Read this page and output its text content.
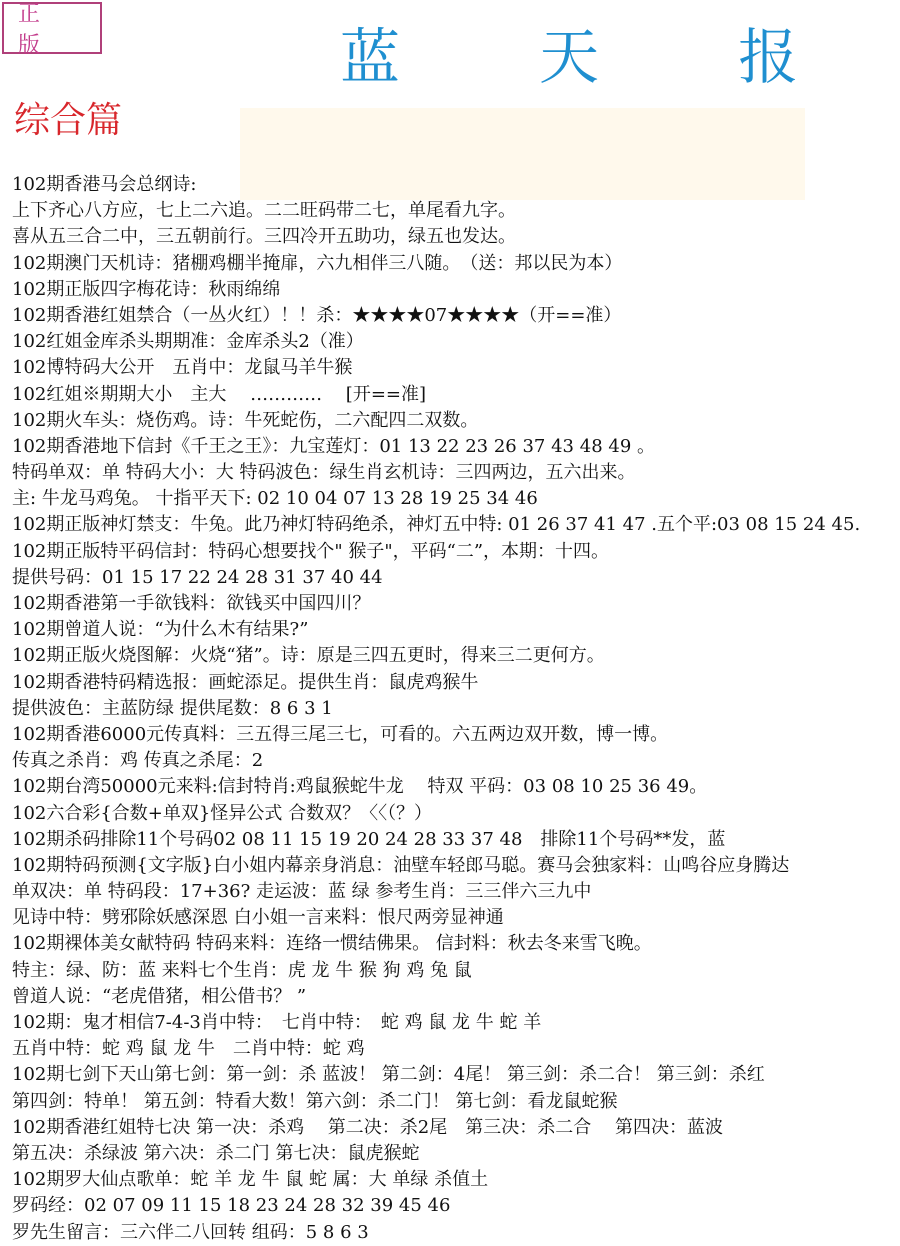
正 版	蓝 天 报
综合篇
102期香港马会总纲诗:
上下齐心八方应，七上二六追。二二旺码带二七，单尾看九字。
喜从五三合二中，三五朝前行。三四冷开五助功，绿五也发达。
102期澳门天机诗：猪棚鸡棚半掩扉，六九相伴三八随。　（送：邦以民为本）
102期正版四字梅花诗：秋雨绵绵
102期香港红姐禁合（一丛火红）！！杀：★★★★07★★★★（开==准）
102红姐金库杀头期期准：金库杀头2（准）
102博特码大公开　五肖中：龙鼠马羊牛猴
102红姐※期期大小　主大　 ………… 　[开==准]
102期火车头：烧伤鸡。诗：牛死蛇伤，二六配四二双数。
102期香港地下信封《千王之王》：九宝莲灯：01 13 22 23 26 37 43 48 49 。
特码单双：单 特码大小：大 特码波色：绿生肖玄机诗：三四两边，五六出来。
主: 牛龙马鸡兔。 十指平天下: 02 10 04 07 13 28 19 25 34 46
102期正版神灯禁支：牛兔。此乃神灯特码绝杀，神灯五中特: 01 26 37 41 47 .五个平:03 08 15 24 45.
102期正版特平码信封：特码心想要找个" 猴子"，平码“二”，本期：十四。
提供号码：01 15 17 22 24 28 31 37 40 44
102期香港第一手欲钱料：欲钱买中国四川？
102期曾道人说：“为什么木有结果?”
102期正版火烧图解：火烧“猪”。诗：原是三四五更时，得来三二更何方。
102期香港特码精选报：画蛇添足。提供生肖：鼠虎鸡猴牛
提供波色：主蓝防绿 提供尾数：8 6 3 1
102期香港6000元传真料：三五得三尾三七，可看的。六五两边双开数，博一博。
传真之杀肖：鸡 传真之杀尾：2
102期台湾50000元来料:信封特肖:鸡鼠猴蛇牛龙　 特双 平码：03 08 10 25 36 49。
102六合彩{合数+单双}怪异公式 合数双？〈〈（？）
102期杀码排除11个号码02 08 11 15 19 20 24 28 33 37 48　排除11个号码**发，蓝
102期特码预测{文字版}白小姐内幕亲身消息：油壁车轻郎马聪。赛马会独家料：山鸣谷应身腾达
单双决：单 特码段：17+36? 走运波：蓝 绿 参考生肖：三三伴六三九中
见诗中特：劈邪除妖感深恩 白小姐一言来料：恨尺两旁显神通
102期裸体美女献特码 特码来料：连络一惯结佛果。 信封料：秋去冬来雪飞晚。
特主：绿、防：蓝 来料七个生肖：虎 龙 牛 猴 狗 鸡 兔 鼠
曾道人说：“老虎借猪，相公借书？ ”
102期：鬼才相信7-4-3肖中特：　七肖中特：　蛇 鸡 鼠 龙 牛 蛇 羊
五肖中特：蛇 鸡 鼠 龙 牛　二肖中特：蛇 鸡
102期七剑下天山第七剑：第一剑：杀 蓝波！ 第二剑：4尾！ 第三剑：杀二合！ 第三剑：杀红
第四剑：特单！ 第五剑：特看大数！第六剑：杀二门！ 第七剑：看龙鼠蛇猴
102期香港红姐特七决 第一决：杀鸡　 第二决：杀2尾　第三决：杀二合　 第四决：蓝波
第五决：杀绿波 第六决：杀二门 第七决：鼠虎猴蛇
102期罗大仙点歌单：蛇 羊 龙 牛 鼠 蛇 属：大 单绿 杀值土
罗码经：02 07 09 11 15 18 23 24 28 32 39 45 46
罗先生留言：三六伴二八回转 组码：5 8 6 3
